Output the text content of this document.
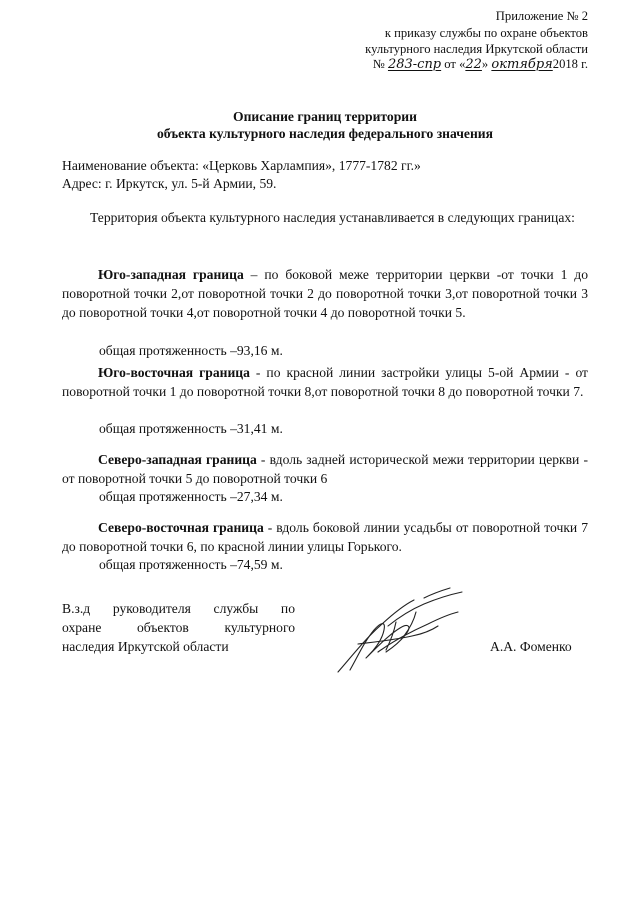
Приложение № 2
к приказу службы по охране объектов
культурного наследия Иркутской области
№ 283-спр от «22» октября2018 г.
Описание границ территории
объекта культурного наследия федерального значения
Наименование объекта: «Церковь Харлампия», 1777-1782 гг.»
Адрес: г. Иркутск, ул. 5-й Армии, 59.
Территория объекта культурного наследия устанавливается в следующих границах:
Юго-западная граница – по боковой меже территории церкви -от точки 1 до поворотной точки 2,от поворотной точки 2 до поворотной точки 3,от поворотной точки 3 до поворотной точки 4,от поворотной точки 4 до поворотной точки 5.
общая протяженность –93,16 м.
Юго-восточная граница - по красной линии застройки улицы 5-ой Армии - от поворотной точки 1 до поворотной точки 8,от поворотной точки 8 до поворотной точки 7.
общая протяженность –31,41 м.
Северо-западная граница - вдоль задней исторической межи территории церкви - от поворотной точки 5 до поворотной точки 6
общая протяженность –27,34 м.
Северо-восточная граница - вдоль боковой линии усадьбы от поворотной точки 7 до поворотной точки 6, по красной линии улицы Горького.
общая протяженность –74,59 м.
В.з.д руководителя службы по
охране объектов культурного
наследия Иркутской области	А.А. Фоменко
